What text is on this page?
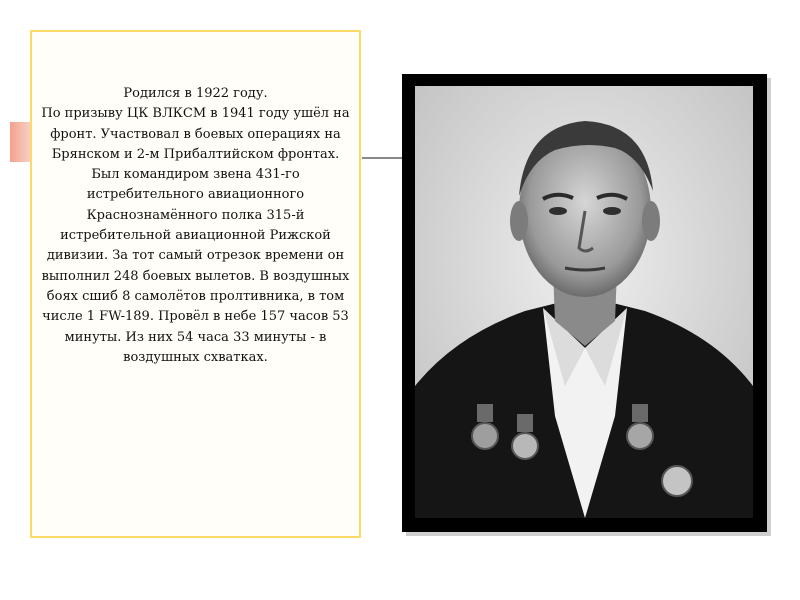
Родился в 1922 году.
По призыву ЦК ВЛКСМ в 1941 году ушёл на фронт. Участвовал в боевых операциях на Брянском и 2-м Прибалтийском фронтах. Был командиром звена 431-го истребительного авиационного Краснознамённого полка 315-й истребительной авиационной Рижской дивизии. За тот самый отрезок времени он выполнил 248 боевых вылетов. В воздушных боях сшиб 8 самолётов пролтивника, в том числе 1 FW-189. Провёл в небе 157 часов 53 минуты. Из них 54 часа 33 минуты - в воздушных схватках.
